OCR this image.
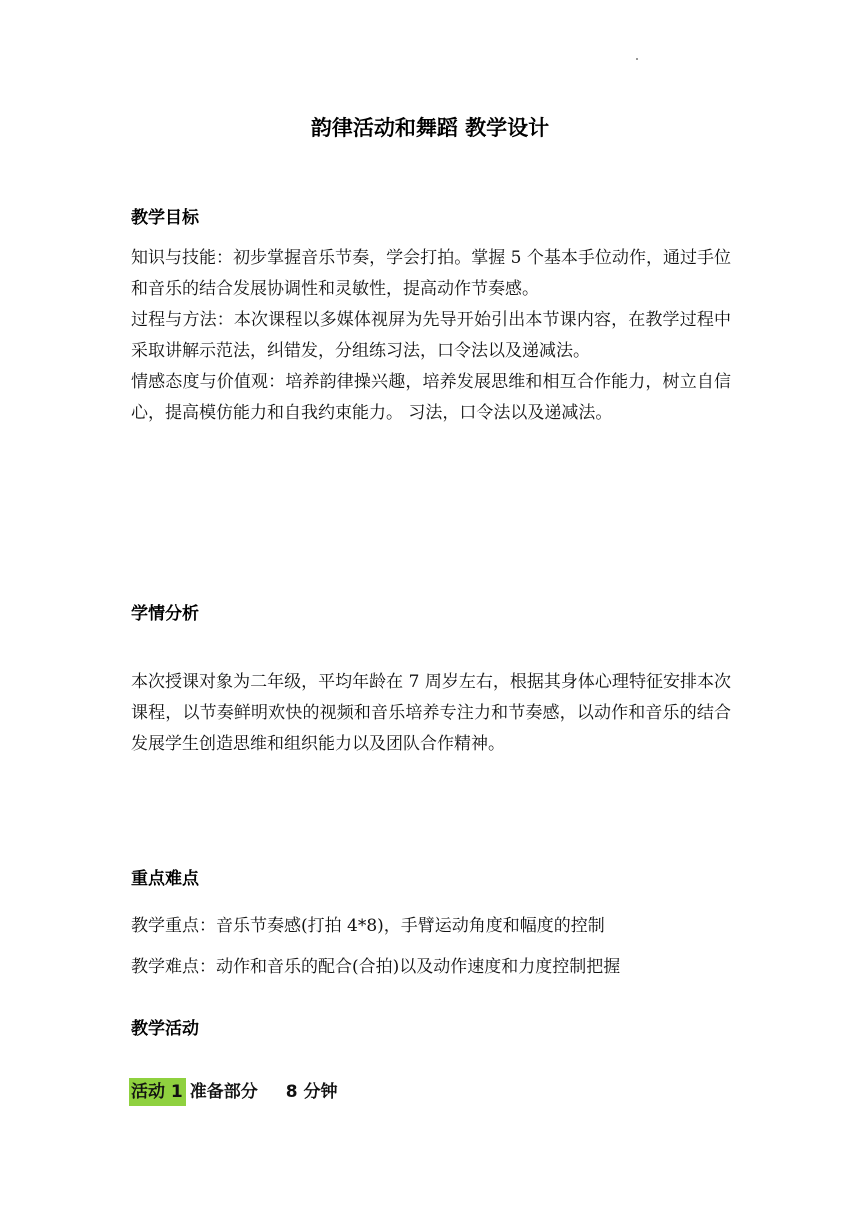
韵律活动和舞蹈 教学设计
教学目标

知识与技能：初步掌握音乐节奏，学会打拍。掌握 5 个基本手位动作，通过手位和音乐的结合发展协调性和灵敏性，提高动作节奏感。

过程与方法：本次课程以多媒体视屏为先导开始引出本节课内容，在教学过程中采取讲解示范法，纠错发，分组练习法，口令法以及递减法。

情感态度与价值观：培养韵律操兴趣，培养发展思维和相互合作能力，树立自信心，提高模仿能力和自我约束能力。 习法，口令法以及递减法。

学情分析

本次授课对象为二年级，平均年龄在 7 周岁左右，根据其身体心理特征安排本次课程，以节奏鲜明欢快的视频和音乐培养专注力和节奏感，以动作和音乐的结合发展学生创造思维和组织能力以及团队合作精神。

重点难点
教学重点：音乐节奏感(打拍 4*8)，手臂运动角度和幅度的控制
教学难点：动作和音乐的配合(合拍)以及动作速度和力度控制把握
教学活动
活动 1 准备部分 8 分钟
